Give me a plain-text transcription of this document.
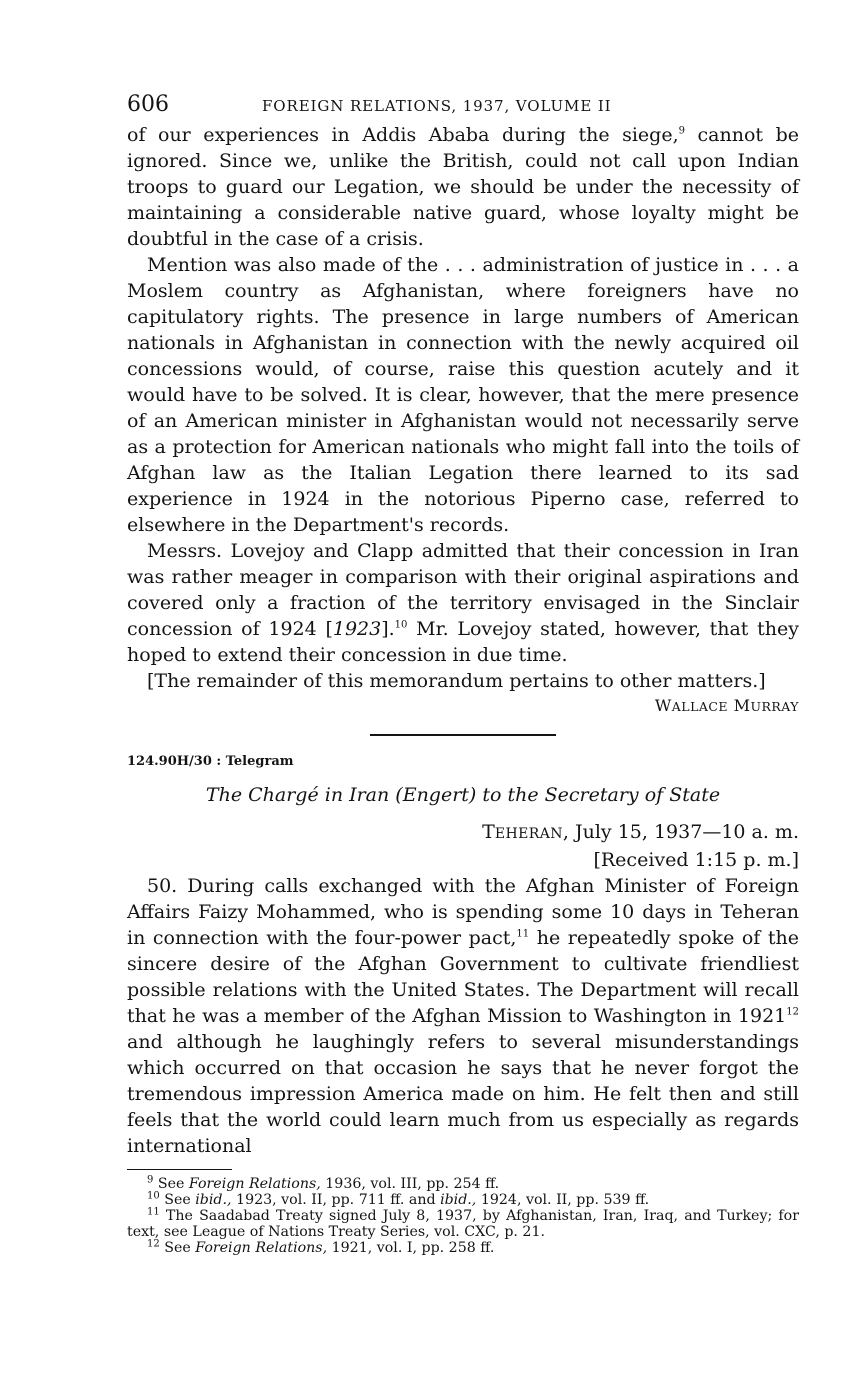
606	FOREIGN RELATIONS, 1937, VOLUME II

of our experiences in Addis Ababa during the siege,$^9$ cannot be ignored. Since we, unlike the British, could not call upon Indian troops to guard our Legation, we should be under the necessity of maintaining a considerable native guard, whose loyalty might be doubtful in the case of a crisis.

Mention was also made of the . . . administration of justice in . . . a Moslem country as Afghanistan, where foreigners have no capitulatory rights. The presence in large numbers of American nationals in Afghanistan in connection with the newly acquired oil concessions would, of course, raise this question acutely and it would have to be solved. It is clear, however, that the mere presence of an American minister in Afghanistan would not necessarily serve as a protection for American nationals who might fall into the toils of Afghan law as the Italian Legation there learned to its sad experience in 1924 in the notorious Piperno case, referred to elsewhere in the Department's records.

Messrs. Lovejoy and Clapp admitted that their concession in Iran was rather meager in comparison with their original aspirations and covered only a fraction of the territory envisaged in the Sinclair concession of 1924 [1923].$^{10}$ Mr. Lovejoy stated, however, that they hoped to extend their concession in due time.

[The remainder of this memorandum pertains to other matters.]

WALLACE MURRAY
124.90H/30 : Telegram
The Chargé in Iran (Engert) to the Secretary of State
TEHERAN, July 15, 1937—10 a. m.
[Received 1:15 p. m.]

50. During calls exchanged with the Afghan Minister of Foreign Affairs Faizy Mohammed, who is spending some 10 days in Teheran in connection with the four-power pact,$^{11}$ he repeatedly spoke of the sincere desire of the Afghan Government to cultivate friendliest possible relations with the United States. The Department will recall that he was a member of the Afghan Mission to Washington in 1921$^{12}$ and although he laughingly refers to several misunderstandings which occurred on that occasion he says that he never forgot the tremendous impression America made on him. He felt then and still feels that the world could learn much from us especially as regards international

$^9$ See Foreign Relations, 1936, vol. III, pp. 254 ff.

$^{10}$ See ibid., 1923, vol. II, pp. 711 ff. and ibid., 1924, vol. II, pp. 539 ff.

$^{11}$ The Saadabad Treaty signed July 8, 1937, by Afghanistan, Iran, Iraq, and Turkey; for text, see League of Nations Treaty Series, vol. CXC, p. 21.

$^{12}$ See Foreign Relations, 1921, vol. I, pp. 258 ff.
